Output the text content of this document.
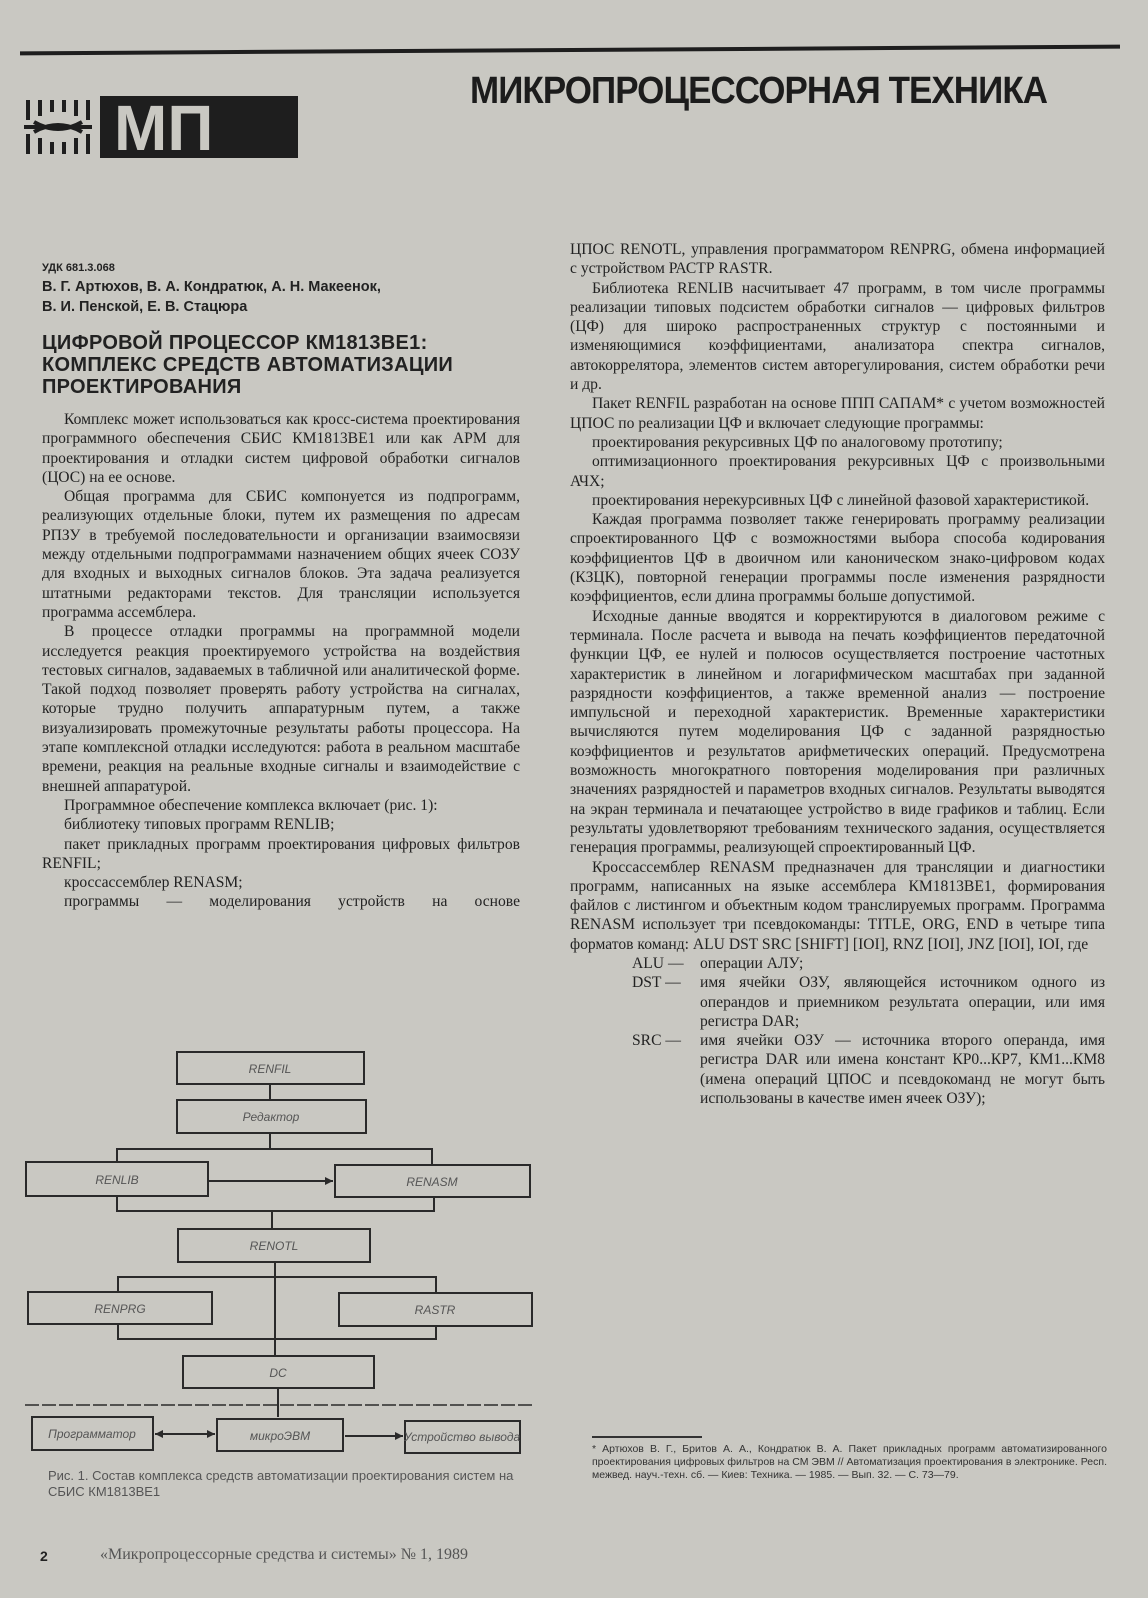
МП
МИКРОПРОЦЕССОРНАЯ ТЕХНИКА
УДК 681.3.068
В. Г. Артюхов, В. А. Кондратюк, А. Н. Макеенок,
В. И. Пенской, Е. В. Стацюра
ЦИФРОВОЙ ПРОЦЕССОР КМ1813ВЕ1: КОМПЛЕКС СРЕДСТВ АВТОМАТИЗАЦИИ ПРОЕКТИРОВАНИЯ

Комплекс может использоваться как кросс-система проектирования программного обеспечения СБИС КМ1813ВЕ1 или как АРМ для проектирования и отладки систем цифровой обработки сигналов (ЦОС) на ее основе.

Общая программа для СБИС компонуется из подпрограмм, реализующих отдельные блоки, путем их размещения по адресам РПЗУ в требуемой последовательности и организации взаимосвязи между отдельными подпрограммами назначением общих ячеек СОЗУ для входных и выходных сигналов блоков. Эта задача реализуется штатными редакторами текстов. Для трансляции используется программа ассемблера.

В процессе отладки программы на программной модели исследуется реакция проектируемого устройства на воздействия тестовых сигналов, задаваемых в табличной или аналитической форме. Такой подход позволяет проверять работу устройства на сигналах, которые трудно получить аппаратурным путем, а также визуализировать промежуточные результаты работы процессора. На этапе комплексной отладки исследуются: работа в реальном масштабе времени, реакция на реальные входные сигналы и взаимодействие с внешней аппаратурой.

Программное обеспечение комплекса включает (рис. 1):

библиотеку типовых программ RENLIB;

пакет прикладных программ проектирования цифровых фильтров RENFIL;

кроссассемблер RENASM;

программы — моделирования устройств на основе

RENFIL
Редактор
RENLIB	RENASM
RENOTL
RENPRG	RASTR
DC
Программатор	микроЭВМ	Устройство вывода
Рис. 1. Состав комплекса средств автоматизации проектирования систем на СБИС КМ1813ВЕ1

ЦПОС RENOTL, управления программатором RENPRG, обмена информацией с устройством РАСТР RASTR.

Библиотека RENLIB насчитывает 47 программ, в том числе программы реализации типовых подсистем обработки сигналов — цифровых фильтров (ЦФ) для широко распространенных структур с постоянными и изменяющимися коэффициентами, анализатора спектра сигналов, автокоррелятора, элементов систем авторегулирования, систем обработки речи и др.

Пакет RENFIL разработан на основе ППП САПАМ* с учетом возможностей ЦПОС по реализации ЦФ и включает следующие программы:

проектирования рекурсивных ЦФ по аналоговому прототипу;

оптимизационного проектирования рекурсивных ЦФ с произвольными АЧХ;

проектирования нерекурсивных ЦФ с линейной фазовой характеристикой.

Каждая программа позволяет также генерировать программу реализации спроектированного ЦФ с возможностями выбора способа кодирования коэффициентов ЦФ в двоичном или каноническом знако-цифровом кодах (КЗЦК), повторной генерации программы после изменения разрядности коэффициентов, если длина программы больше допустимой.

Исходные данные вводятся и корректируются в диалоговом режиме с терминала. После расчета и вывода на печать коэффициентов передаточной функции ЦФ, ее нулей и полюсов осуществляется построение частотных характеристик в линейном и логарифмическом масштабах при заданной разрядности коэффициентов, а также временной анализ — построение импульсной и переходной характеристик. Временные характеристики вычисляются путем моделирования ЦФ с заданной разрядностью коэффициентов и результатов арифметических операций. Предусмотрена возможность многократного повторения моделирования при различных значениях разрядностей и параметров входных сигналов. Результаты выводятся на экран терминала и печатающее устройство в виде графиков и таблиц. Если результаты удовлетворяют требованиям технического задания, осуществляется генерация программы, реализующей спроектированный ЦФ.

Кроссассемблер RENASM предназначен для трансляции и диагностики программ, написанных на языке ассемблера КМ1813ВЕ1, формирования файлов с листингом и объектным кодом транслируемых программ. Программа RENASM использует три псевдокоманды: TITLE, ORG, END в четыре типа форматов команд: ALU DST SRC [SHIFT] [IOI], RNZ [IOI], JNZ [IOI], IOI, где

ALU —	операции АЛУ;
DST —	имя ячейки ОЗУ, являющейся источником одного из операндов и приемником результата операции, или имя регистра DAR;
SRC —	имя ячейки ОЗУ — источника второго операнда, имя регистра DAR или имена констант КР0...КР7, КМ1...КМ8 (имена операций ЦПОС и псевдокоманд не могут быть использованы в качестве имен ячеек ОЗУ);
* Артюхов В. Г., Бритов А. А., Кондратюк В. А. Пакет прикладных программ автоматизированного проектирования цифровых фильтров на СМ ЭВМ // Автоматизация проектирования в электронике. Респ. межвед. науч.-техн. сб. — Киев: Техника. — 1985. — Вып. 32. — С. 73—79.
2	«Микропроцессорные средства и системы» № 1, 1989
